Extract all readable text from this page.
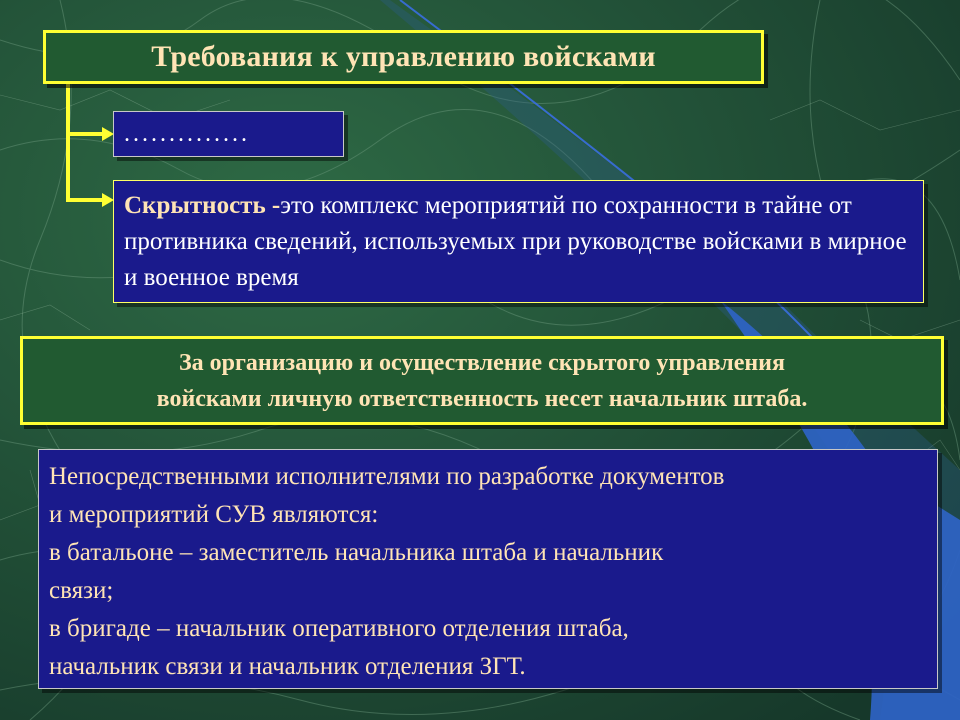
Требования к управлению войсками
..............
Скрытность -это комплекс мероприятий по сохранности в тайне от противника сведений, используемых при руководстве войсками в мирное и военное время
За организацию и осуществление скрытого управления
войсками личную ответственность несет начальник штаба.
Непосредственными исполнителями по разработке документов
и мероприятий СУВ являются:
в батальоне – заместитель начальника штаба и начальник
связи;
в бригаде – начальник оперативного отделения штаба,
начальник связи и начальник отделения ЗГТ.
